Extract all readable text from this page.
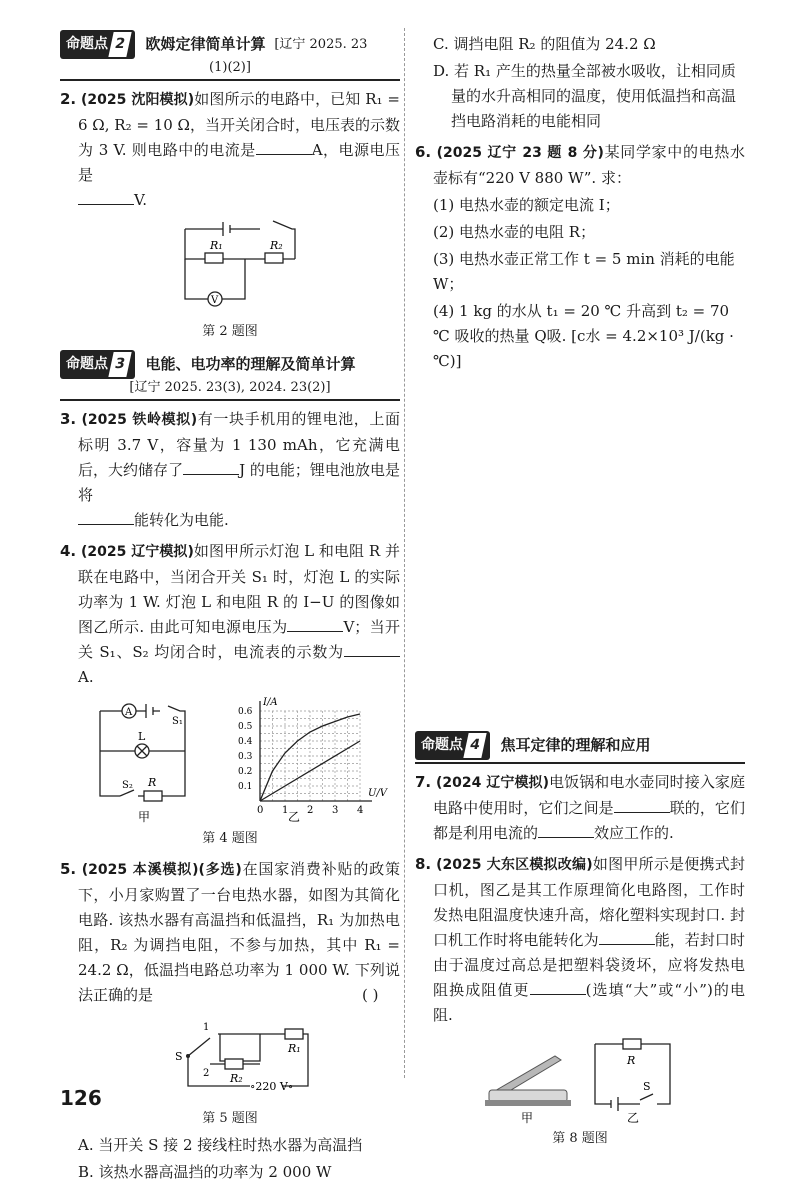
命题点 2 欧姆定律简单计算 [辽宁 2025. 23
(1)(2)]
2. (2025 沈阳模拟)如图所示的电路中，已知 R₁ = 6 Ω, R₂ = 10 Ω，当开关闭合时，电压表的示数为 3 V. 则电路中的电流是	A，电源电压是
V.
R₁	R₂
V
第 2 题图
命题点 3 电能、电功率的理解及简单计算
[辽宁 2025. 23(3), 2024. 23(2)]
3. (2025 铁岭模拟)有一块手机用的锂电池，上面标明 3.7 V，容量为 1 130 mAh，它充满电后，大约储存了	J 的电能；锂电池放电是将
能转化为电能.
4. (2025 辽宁模拟)如图甲所示灯泡 L 和电阻 R 并联在电路中，当闭合开关 S₁ 时，灯泡 L 的实际功率为 1 W. 灯泡 L 和电阻 R 的 I−U 的图像如图乙所示. 由此可知电源电压为	V；当开关 S₁、S₂ 均闭合时，电流表的示数为A.
A
S₁
L
S₂ R
甲	0 1 2 3 4
0.1
0.2
0.3
0.4
0.5
0.6
U/V
I/A
乙
第 4 题图
5. (2025 本溪模拟)(多选)在国家消费补贴的政策下，小月家购置了一台电热水器，如图为其简化电路. 该热水器有高温挡和低温挡，R₁ 为加热电阻，R₂ 为调挡电阻，不参与加热，其中 R₁ = 24.2 Ω，低温挡电路总功率为 1 000 W. 下列说法正确的是	( )
S
1
2
R₁
R₂
∘220 V∘
第 5 题图
A. 当开关 S 接 2 接线柱时热水器为高温挡
B. 该热水器高温挡的功率为 2 000 W
C. 调挡电阻 R₂ 的阻值为 24.2 Ω
D. 若 R₁ 产生的热量全部被水吸收，让相同质量的水升高相同的温度，使用低温挡和高温挡电路消耗的电能相同
6. (2025 辽宁 23 题 8 分)某同学家中的电热水壶标有“220 V 880 W”. 求：
(1) 电热水壶的额定电流 I；
(2) 电热水壶的电阻 R；
(3) 电热水壶正常工作 t = 5 min 消耗的电能 W；
(4) 1 kg 的水从 t₁ = 20 ℃ 升高到 t₂ = 70 ℃ 吸收的热量 Q吸. [c水 = 4.2×10³ J/(kg · ℃)]
命题点 4 焦耳定律的理解和应用
7. (2024 辽宁模拟)电饭锅和电水壶同时接入家庭电路中使用时，它们之间是	联的，它们都是利用电流的	效应工作的.
8. (2025 大东区模拟改编)如图甲所示是便携式封口机，图乙是其工作原理简化电路图，工作时发热电阻温度快速升高，熔化塑料实现封口. 封口机工作时将电能转化为	能，若封口时由于温度过高总是把塑料袋烫坏，应将发热电阻换成阻值更	(选填“大”或“小”)的电阻.
甲
R
S
乙
第 8 题图
126
